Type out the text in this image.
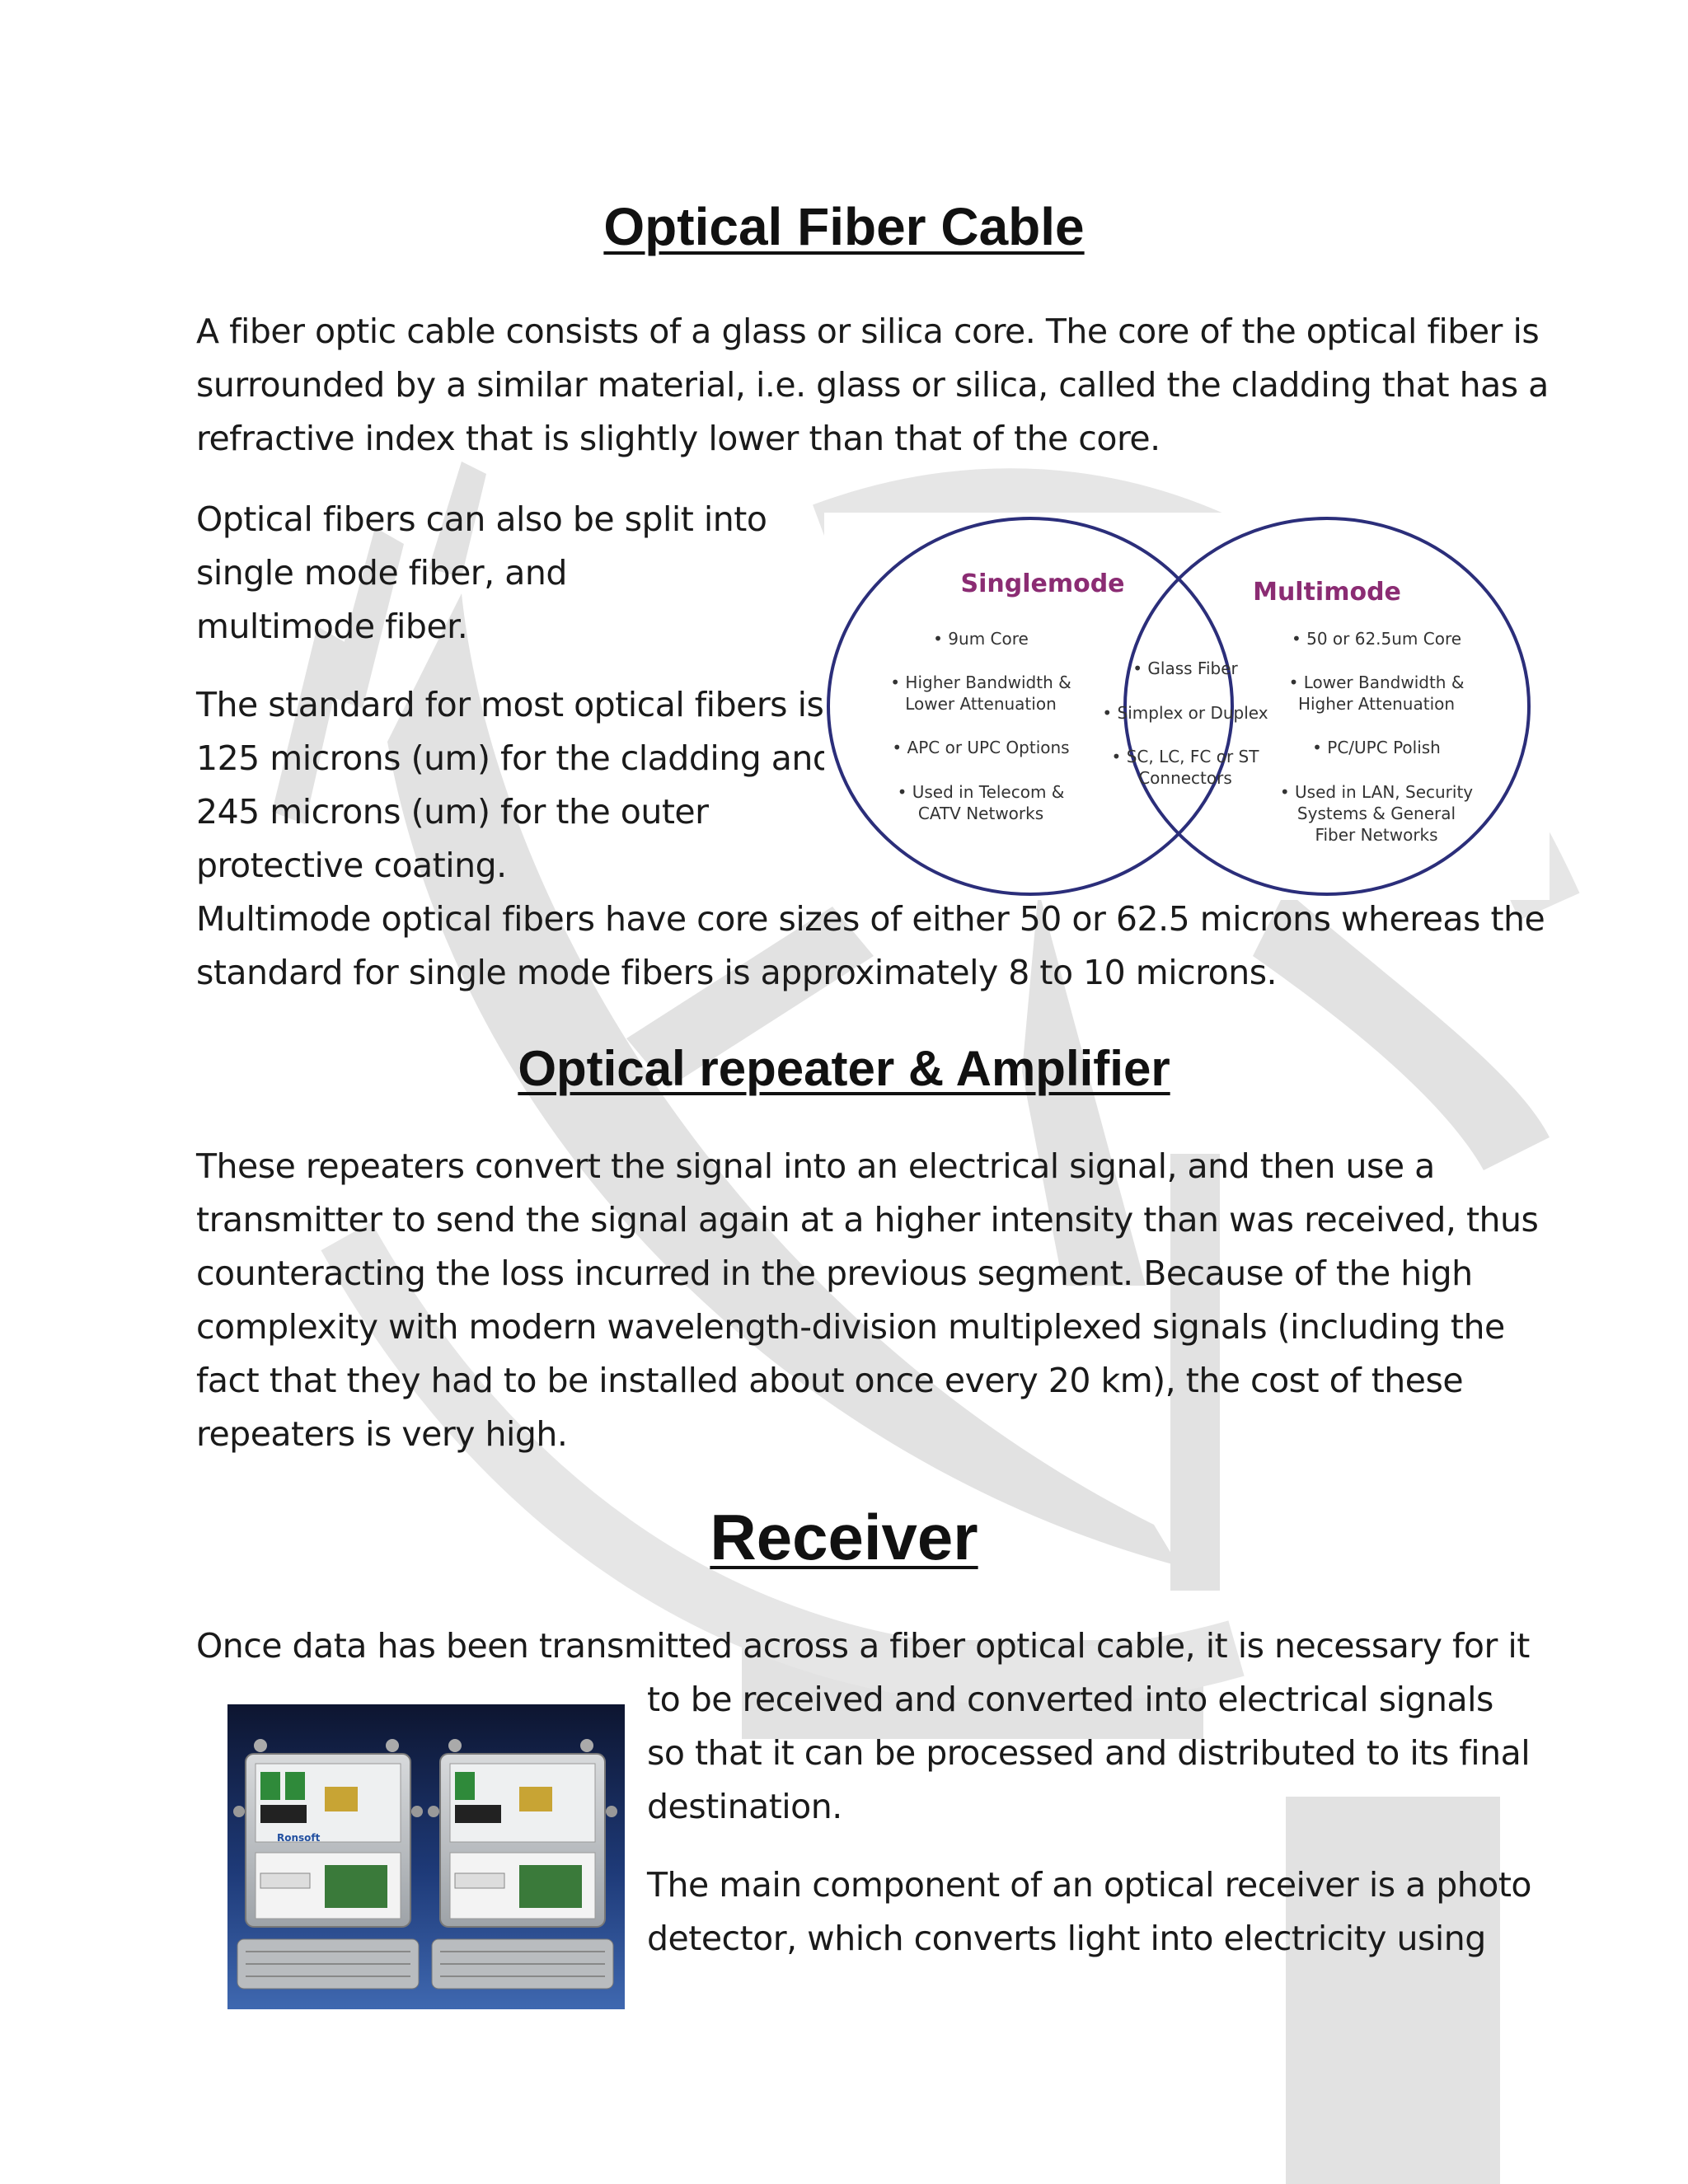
Optical Fiber Cable
A fiber optic cable consists of a glass or silica core. The core of the optical fiber is
surrounded by a similar material, i.e. glass or silica, called the cladding that has a
refractive index that is slightly lower than that of the core.
Optical fibers can also be split into
single mode fiber, and
multimode fiber.
The standard for most optical fibers is
125 microns (um) for the cladding and
245 microns (um) for the outer
protective coating.
Multimode optical fibers have core sizes of either 50 or 62.5 microns whereas the
standard for single mode fibers is approximately 8 to 10 microns.
Singlemode	Multimode
• 9um Core
• Higher Bandwidth &
Lower Attenuation
• APC or UPC Options
• Used in Telecom &
CATV Networks
• Glass Fiber
• Simplex or Duplex
• SC, LC, FC or ST
Connectors
• 50 or 62.5um Core
• Lower Bandwidth &
Higher Attenuation
• PC/UPC Polish
• Used in LAN, Security
Systems & General
Fiber Networks
Optical repeater & Amplifier
These repeaters convert the signal into an electrical signal, and then use a
transmitter to send the signal again at a higher intensity than was received, thus
counteracting the loss incurred in the previous segment. Because of the high
complexity with modern wavelength-division multiplexed signals (including the
fact that they had to be installed about once every 20 km), the cost of these
repeaters is very high.
Receiver
Once data has been transmitted across a fiber optical cable, it is necessary for it
to be received and converted into electrical signals
so that it can be processed and distributed to its final
destination.
The main component of an optical receiver is a photo
detector, which converts light into electricity using
Ronsoft
